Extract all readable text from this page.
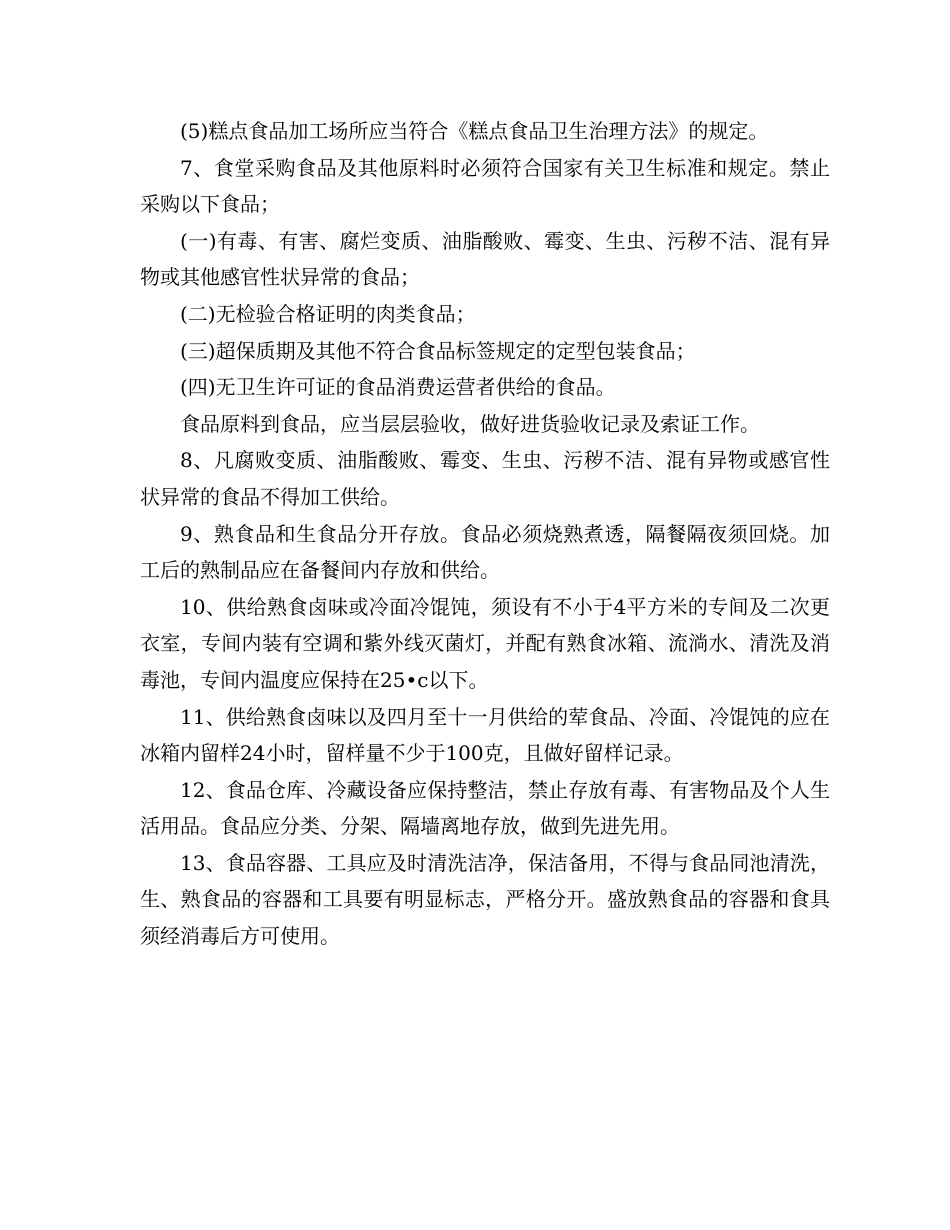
(5)糕点食品加工场所应当符合《糕点食品卫生治理方法》的规定。

7、食堂采购食品及其他原料时必须符合国家有关卫生标准和规定。禁止采购以下食品；

(一)有毒、有害、腐烂变质、油脂酸败、霉变、生虫、污秽不洁、混有异物或其他感官性状异常的食品；

(二)无检验合格证明的肉类食品；

(三)超保质期及其他不符合食品标签规定的定型包装食品；

(四)无卫生许可证的食品消费运营者供给的食品。

食品原料到食品，应当层层验收，做好进货验收记录及索证工作。

8、凡腐败变质、油脂酸败、霉变、生虫、污秽不洁、混有异物或感官性状异常的食品不得加工供给。

9、熟食品和生食品分开存放。食品必须烧熟煮透，隔餐隔夜须回烧。加工后的熟制品应在备餐间内存放和供给。

10、供给熟食卤味或冷面冷馄饨，须设有不小于4平方米的专间及二次更衣室，专间内装有空调和紫外线灭菌灯，并配有熟食冰箱、流淌水、清洗及消毒池，专间内温度应保持在25•c以下。

11、供给熟食卤味以及四月至十一月供给的荤食品、冷面、冷馄饨的应在冰箱内留样24小时，留样量不少于100克，且做好留样记录。

12、食品仓库、冷藏设备应保持整洁，禁止存放有毒、有害物品及个人生活用品。食品应分类、分架、隔墙离地存放，做到先进先用。

13、食品容器、工具应及时清洗洁净，保洁备用，不得与食品同池清洗，生、熟食品的容器和工具要有明显标志，严格分开。盛放熟食品的容器和食具须经消毒后方可使用。
